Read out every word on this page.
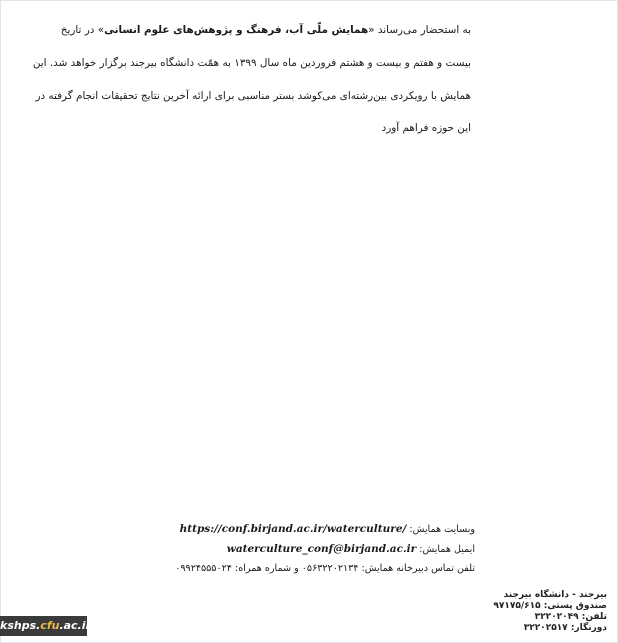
به استحضار می‌رساند «همایش ملّی آب، فرهنگ و پژوهش‌های علوم انسانی» در تاریخ

بیست و هفتم و بیست و هشتم فروردین ماه سال ۱۳۹۹ به همّت دانشگاه بیرجند برگزار خواهد شد. این

همایش با رویکردی بین‌رشته‌ای می‌کوشد بستر مناسبی برای ارائه آخرین نتایج تحقیقات انجام گرفته در

این حوزه فراهم آورد

وبسایت همایش: https://conf.birjand.ac.ir/waterculture/
ایمیل همایش: waterculture_conf@birjand.ac.ir
تلفن تماس دبیرخانه همایش: ۰۵۶۳۲۲۰۲۱۳۴ و شماره همراه: ۰۹۹۲۴۵۵۵۰۲۴
بیرجند - دانشگاه بیرجند
صندوق پستی: ۹۷۱۷۵/۶۱۵
تلفن: ۳۲۲۰۲۰۴۹
دورنگار: ۳۲۲۰۲۵۱۷
kshps.cfu.ac.ir
